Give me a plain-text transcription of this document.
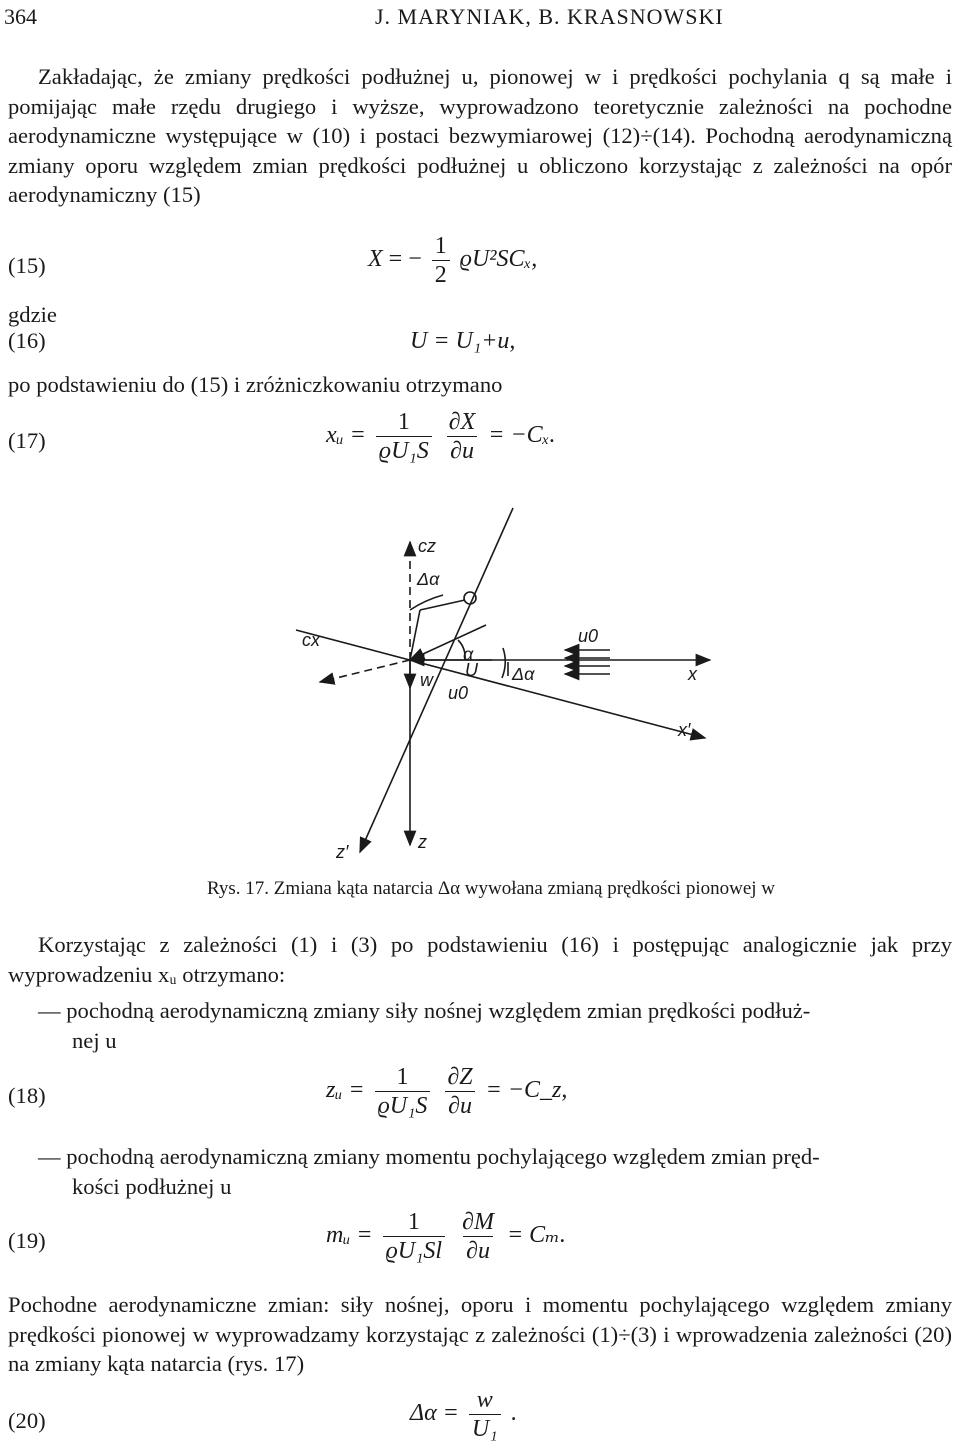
364	J. MARYNIAK, B. KRASNOWSKI
Zakładając, że zmiany prędkości podłużnej u, pionowej w i prędkości pochylania q są małe i pomijając małe rzędu drugiego i wyższe, wyprowadzono teoretycznie zależności na pochodne aerodynamiczne występujące w (10) i postaci bezwymiarowej (12)÷(14). Pochodną aerodynamiczną zmiany oporu względem zmian prędkości podłużnej u obliczono korzystając z zależności na opór aerodynamiczny (15)
(15)	X = − $\frac{1}{2} ϱU^2SC_x$,
gdzie
(16)	U = U₁+u,
po podstawieniu do (15) i zróżniczkowaniu otrzymano
(17)	xᵤ = $\frac{1}{\text{ϱU₁S}}$
$\frac{\partial X}{\partial u} = -C_x$.
cz
Δα
cx
α
U Δα
u0
x
w
u0
x′
z′	z
Rys. 17. Zmiana kąta natarcia Δα wywołana zmianą prędkości pionowej w
Korzystając z zależności (1) i (3) po podstawieniu (16) i postępując analogicznie jak przy wyprowadzeniu xᵤ otrzymano:
— pochodną aerodynamiczną zmiany siły nośnej względem zmian prędkości podłuż-
nej u
(18)	zᵤ = $\frac{1}{\text{ϱU₁S}}$
$\frac{\partial Z}{\partial u}$ = −C_z,
— pochodną aerodynamiczną zmiany momentu pochylającego względem zmian pręd-
kości podłużnej u
(19)	mᵤ = $\frac{1}{\text{ϱU₁Sl}}$
$\frac{\partial M}{\partial u} = C_m$.
Pochodne aerodynamiczne zmian: siły nośnej, oporu i momentu pochylającego względem zmiany prędkości pionowej w wyprowadzamy korzystając z zależności (1)÷(3) i wprowadzenia zależności (20) na zmiany kąta natarcia (rys. 17)
(20)	$\Delta\alpha = \frac{w}{\text{U₁}}$ .
